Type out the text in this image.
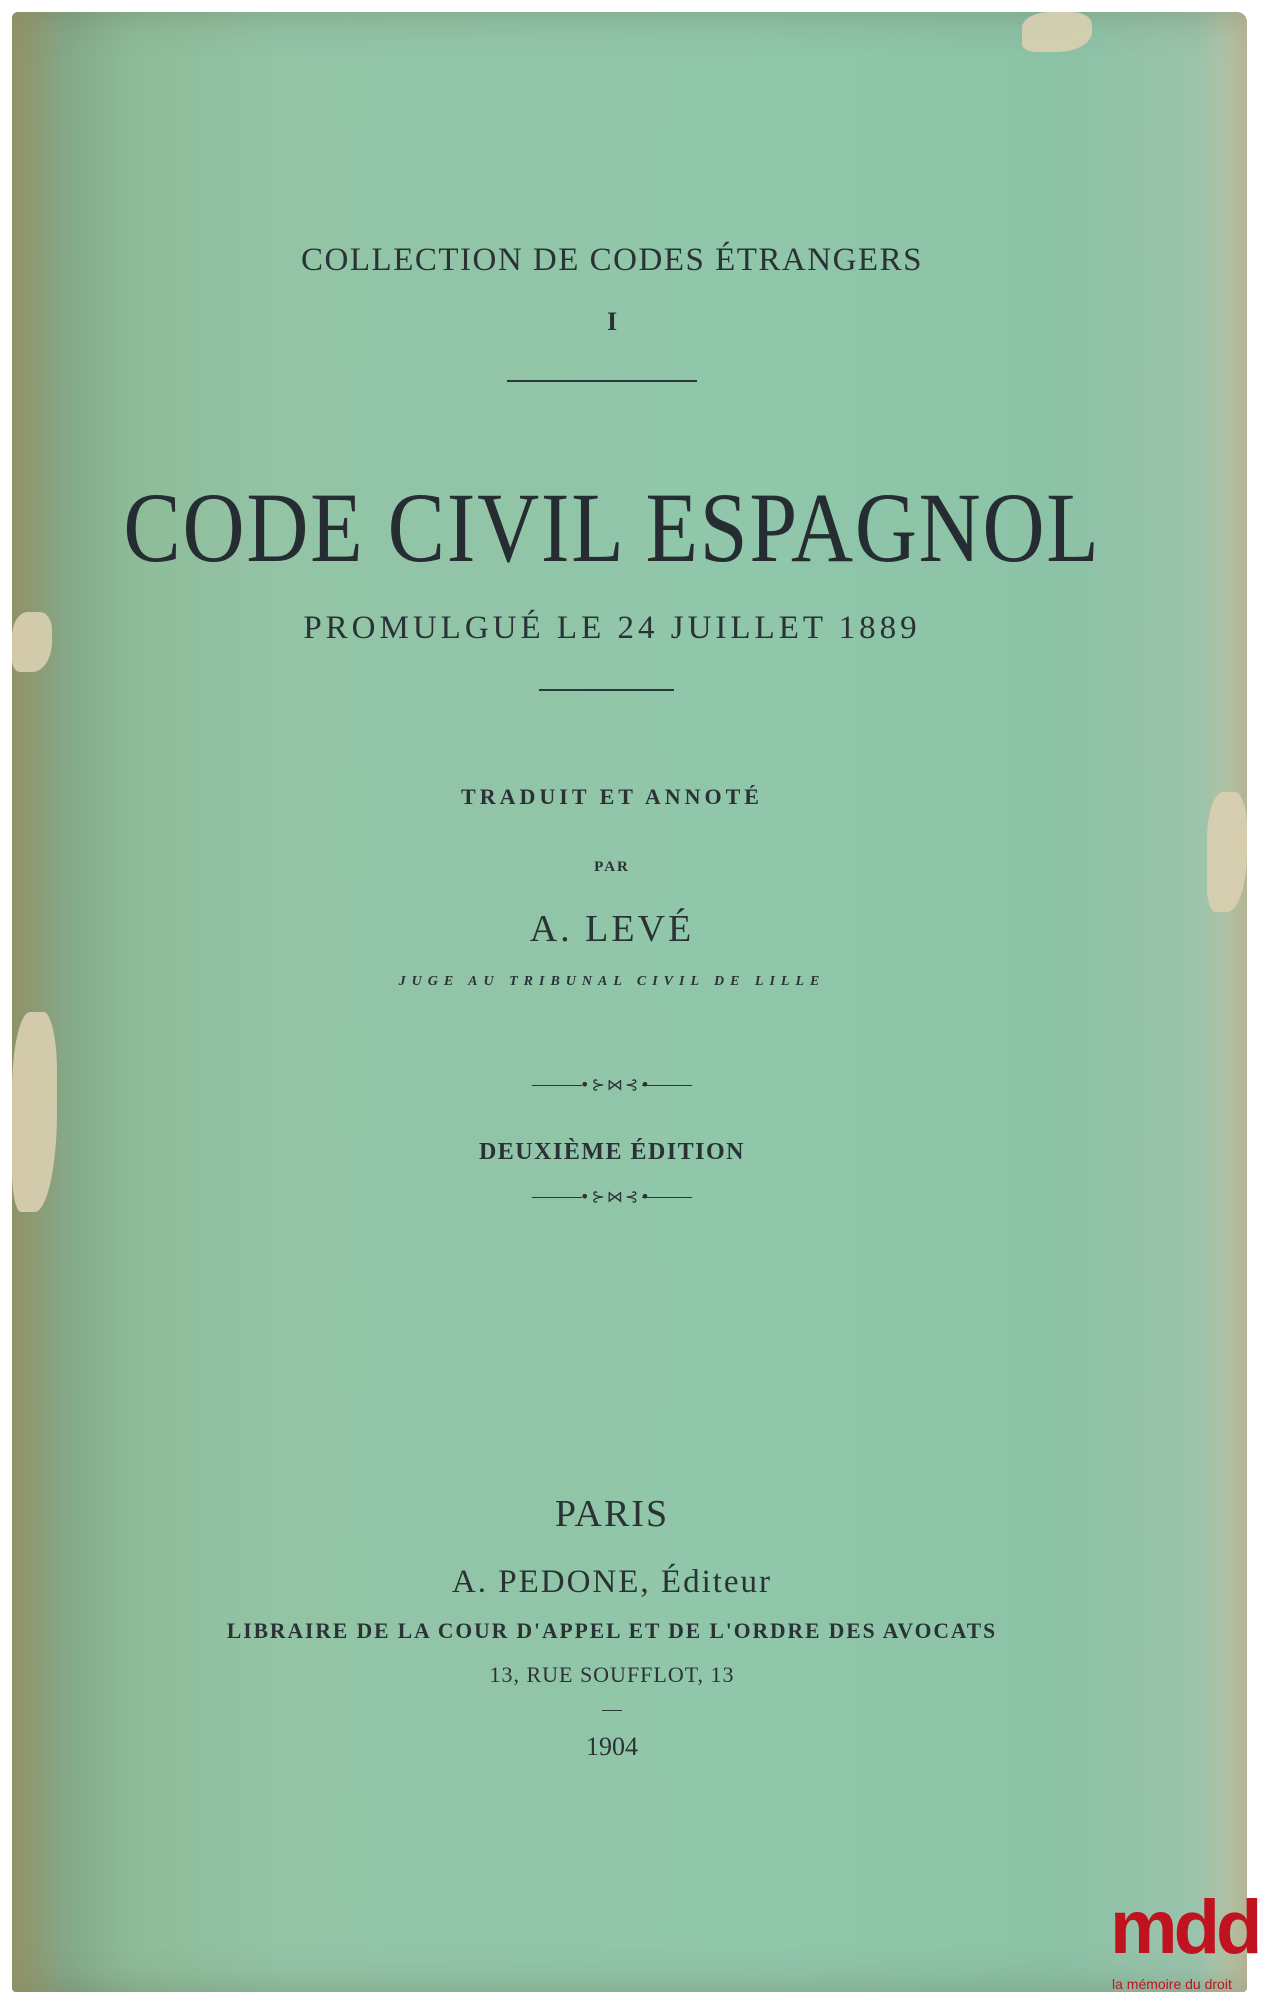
COLLECTION DE CODES ÉTRANGERS
I
CODE CIVIL ESPAGNOL
PROMULGUÉ LE 24 JUILLET 1889
TRADUIT ET ANNOTÉ
PAR
A. LEVÉ
JUGE AU TRIBUNAL CIVIL DE LILLE
•⊱⋈⊰•
DEUXIÈME ÉDITION
•⊱⋈⊰•
PARIS
A. PEDONE, Éditeur
LIBRAIRE DE LA COUR D'APPEL ET DE L'ORDRE DES AVOCATS
13, RUE SOUFFLOT, 13
1904
mdd
la mémoire du droit
